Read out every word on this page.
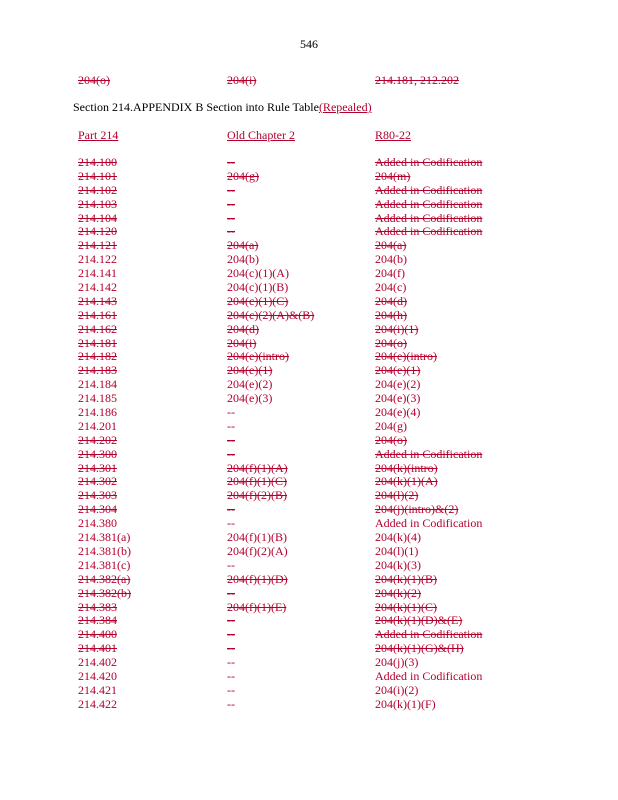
546
204(o)	204(i)	214.181, 212.202
Section 214.APPENDIX B Section into Rule Table(Repealed)
Part 214	Old Chapter 2	R80-22
214.100	--	Added in Codification
214.101	204(g)	204(m)
214.102	--	Added in Codification
214.103	--	Added in Codification
214.104	--	Added in Codification
214.120	--	Added in Codification
214.121	204(a)	204(a)
214.122	204(b)	204(b)
214.141	204(c)(1)(A)	204(f)
214.142	204(c)(1)(B)	204(c)
214.143	204(c)(1)(C)	204(d)
214.161	204(c)(2)(A)&(B)	204(h)
214.162	204(d)	204(i)(1)
214.181	204(i)	204(o)
214.182	204(e)(intro)	204(e)(intro)
214.183	204(e)(1)	204(e)(1)
214.184	204(e)(2)	204(e)(2)
214.185	204(e)(3)	204(e)(3)
214.186	--	204(e)(4)
214.201	--	204(g)
214.202	--	204(o)
214.300	--	Added in Codification
214.301	204(f)(1)(A)	204(k)(intro)
214.302	204(f)(1)(C)	204(k)(1)(A)
214.303	204(f)(2)(B)	204(l)(2)
214.304	--	204(j)(intro)&(2)
214.380	--	Added in Codification
214.381(a)	204(f)(1)(B)	204(k)(4)
214.381(b)	204(f)(2)(A)	204(l)(1)
214.381(c)	--	204(k)(3)
214.382(a)	204(f)(1)(D)	204(k)(1)(B)
214.382(b)	--	204(k)(2)
214.383	204(f)(1)(E)	204(k)(1)(C)
214.384	--	204(k)(1)(D)&(E)
214.400	--	Added in Codification
214.401	--	204(k)(1)(G)&(H)
214.402	--	204(j)(3)
214.420	--	Added in Codification
214.421	--	204(i)(2)
214.422	--	204(k)(1)(F)
